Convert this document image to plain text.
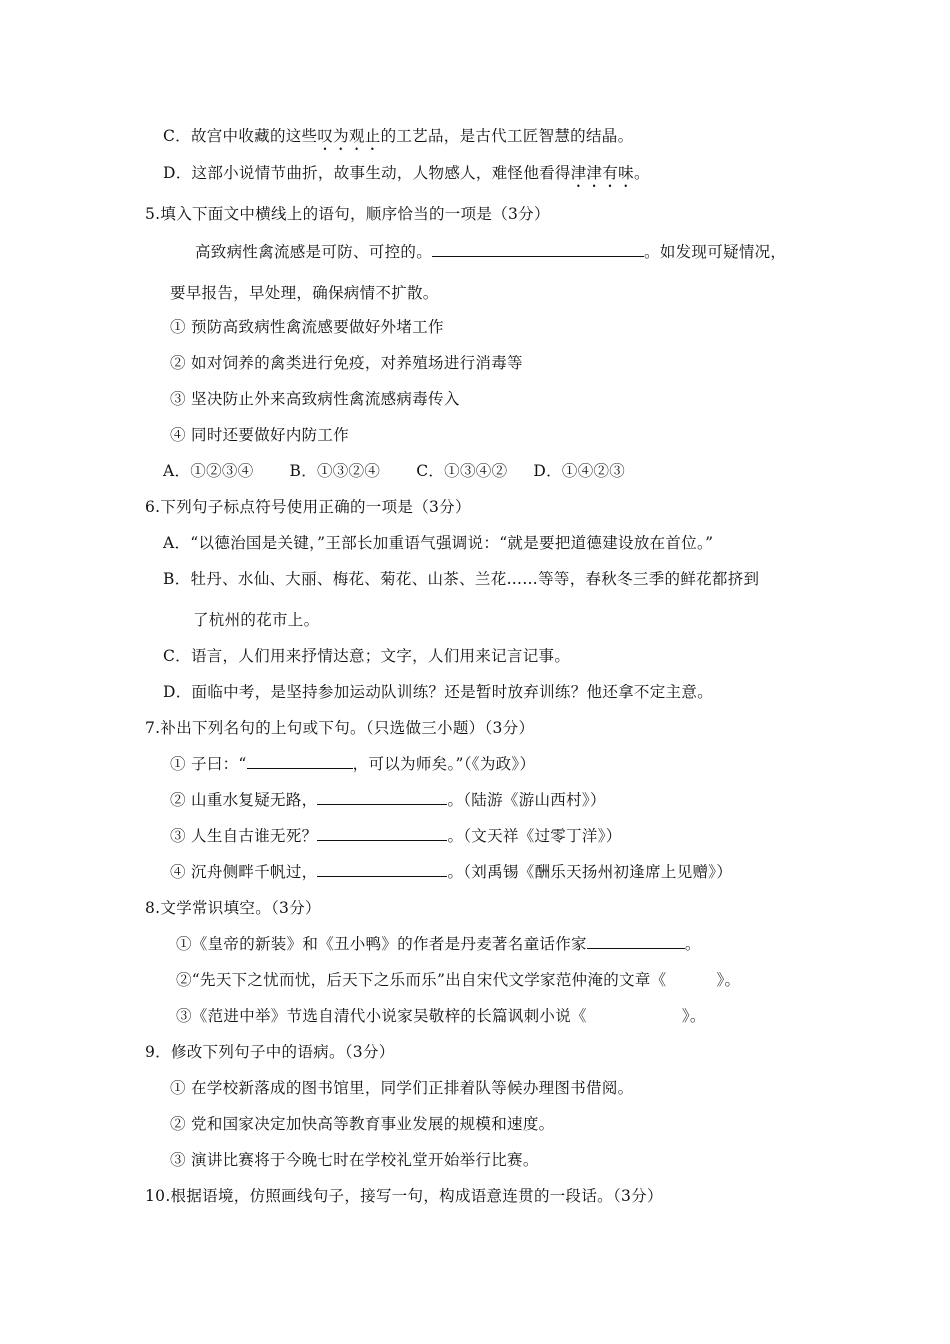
C．故宫中收藏的这些叹为观止的工艺品，是古代工匠智慧的结晶。
D．这部小说情节曲折，故事生动，人物感人，难怪他看得津津有味。
5.填入下面文中横线上的语句，顺序恰当的一项是（3分）
高致病性禽流感是可防、可控的。	。如发现可疑情况，
要早报告，早处理，确保病情不扩散。
① 预防高致病性禽流感要做好外堵工作
② 如对饲养的禽类进行免疫，对养殖场进行消毒等
③ 坚决防止外来高致病性禽流感病毒传入
④ 同时还要做好内防工作
A．①②③④ B．①③②④ C．①③④② D．①④②③
6.下列句子标点符号使用正确的一项是（3分）
A．“以德治国是关键，”王部长加重语气强调说：“就是要把道德建设放在首位。”
B．牡丹、水仙、大丽、梅花、菊花、山茶、兰花……等等，春秋冬三季的鲜花都挤到
了杭州的花市上。
C．语言，人们用来抒情达意；文字，人们用来记言记事。
D．面临中考，是坚持参加运动队训练？还是暂时放弃训练？他还拿不定主意。
7.补出下列名句的上句或下句。（只选做三小题）（3分）
① 子曰：“	，可以为师矣。”（《为政》）
② 山重水复疑无路，	。（陆游《游山西村》）
③ 人生自古谁无死？	。（文天祥《过零丁洋》）
④ 沉舟侧畔千帆过，	。（刘禹锡《酬乐天扬州初逢席上见赠》）
8.文学常识填空。（3分）
①《皇帝的新装》和《丑小鸭》的作者是丹麦著名童话作家	。
②“先天下之忧而忧，后天下之乐而乐”出自宋代文学家范仲淹的文章《	》。
③《范进中举》节选自清代小说家吴敬梓的长篇讽刺小说《	》。
9．修改下列句子中的语病。（3分）
① 在学校新落成的图书馆里，同学们正排着队等候办理图书借阅。
② 党和国家决定加快高等教育事业发展的规模和速度。
③ 演讲比赛将于今晚七时在学校礼堂开始举行比赛。
10.根据语境，仿照画线句子，接写一句，构成语意连贯的一段话。（3分）
